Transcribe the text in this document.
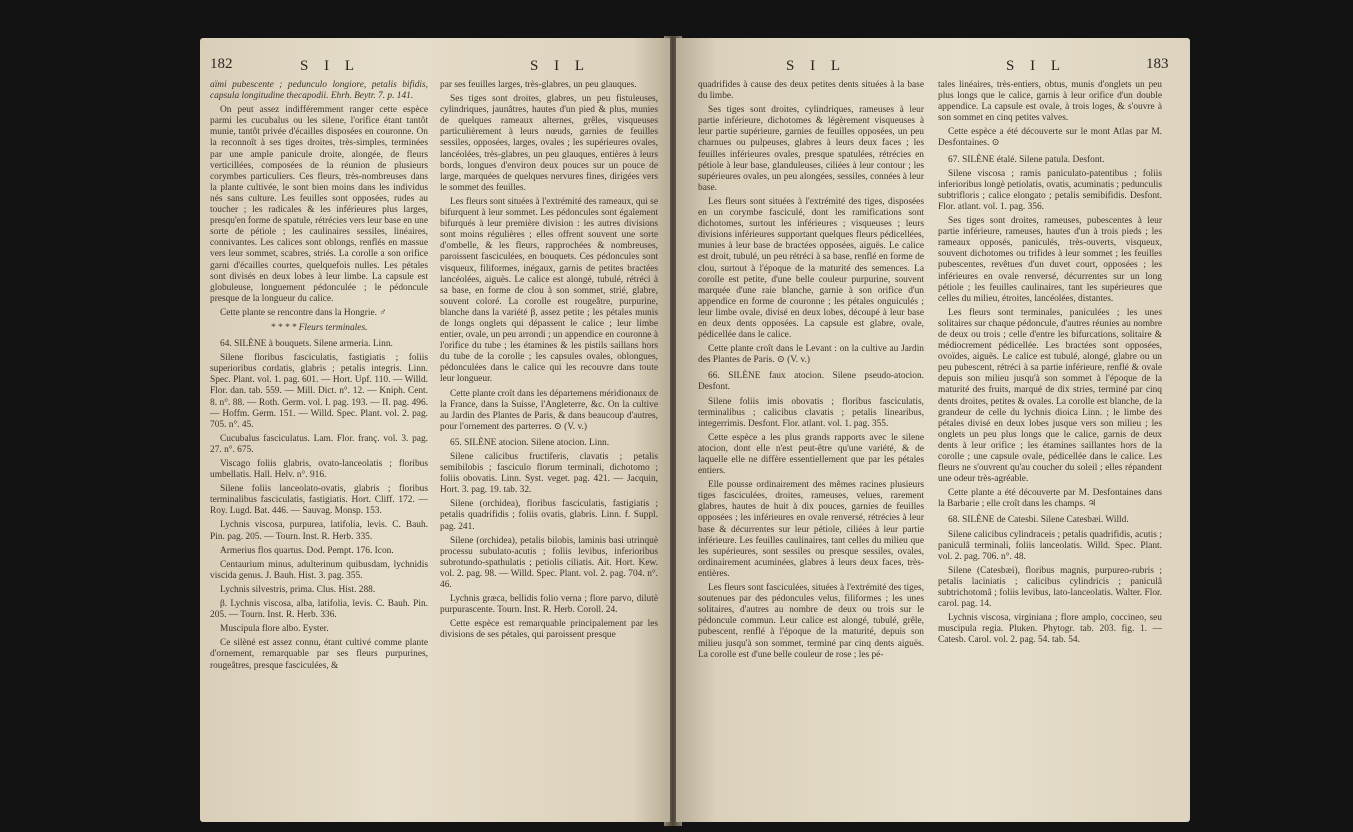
182	S I L	S I L

aïmi pubescente ; pedunculo longiore, petalis bifidis, capsula longitudine thecapodii. Ehrh. Beytr. 7. p. 141.

On peut assez indifféremment ranger cette espèce parmi les cucubalus ou les silene, l'orifice étant tantôt munie, tantôt privée d'écailles disposées en couronne. On la reconnoît à ses tiges droites, très-simples, terminées par une ample panicule droite, alongée, de fleurs verticillées, composées de la réunion de plusieurs corymbes particuliers. Ces fleurs, très-nombreuses dans la plante cultivée, le sont bien moins dans les individus nés sans culture. Les feuilles sont opposées, rudes au toucher ; les radicales & les inférieures plus larges, presqu'en forme de spatule, rétrécies vers leur base en une sorte de pétiole ; les caulinaires sessiles, linéaires, connivantes. Les calices sont oblongs, renflés en massue vers leur sommet, scabres, striés. La corolle a son orifice garni d'écailles courtes, quelquefois nulles. Les pétales sont divisés en deux lobes à leur limbe. La capsule est globuleuse, longuement pédonculée ; le pédoncule presque de la longueur du calice.

Cette plante se rencontre dans la Hongrie. ♂

* * * * Fleurs terminales.

64. SILÈNE à bouquets. Silene armeria. Linn.

Silene floribus fasciculatis, fastigiatis ; foliis superioribus cordatis, glabris ; petalis integris. Linn. Spec. Plant. vol. 1. pag. 601. — Hort. Upf. 110. — Willd. Flor. dan. tab. 559. — Mill. Dict. n°. 12. — Kniph. Cent. 8. n°. 88. — Roth. Germ. vol. I. pag. 193. — II. pag. 496. — Hoffm. Germ. 151. — Willd. Spec. Plant. vol. 2. pag. 705. n°. 45.

Cucubalus fasciculatus. Lam. Flor. franç. vol. 3. pag. 27. n°. 675.

Viscago foliis glabris, ovato-lanceolatis ; floribus umbellatis. Hall. Helv. n°. 916.

Silene foliis lanceolato-ovatis, glabris ; floribus terminalibus fasciculatis, fastigiatis. Hort. Cliff. 172. — Roy. Lugd. Bat. 446. — Sauvag. Monsp. 153.

Lychnis viscosa, purpurea, latifolia, levis. C. Bauh. Pin. pag. 205. — Tourn. Inst. R. Herb. 335.

Armerius flos quartus. Dod. Pempt. 176. Icon.

Centaurium minus, adulterinum quibusdam, lychnidis viscida genus. J. Bauh. Hist. 3. pag. 355.

Lychnis silvestris, prima. Clus. Hist. 288.

β. Lychnis viscosa, alba, latifolia, levis. C. Bauh. Pin. 205. — Tourn. Inst. R. Herb. 336.

Muscipula flore albo. Eyster.

Ce silèné est assez connu, étant cultivé comme plante d'ornement, remarquable par ses fleurs purpurines, rougeâtres, presque fasciculées, &

par ses feuilles larges, très-glabres, un peu glauques.

Ses tiges sont droites, glabres, un peu fistuleuses, cylindriques, jaunâtres, hautes d'un pied & plus, munies de quelques rameaux alternes, grêles, visqueuses particulièrement à leurs nœuds, garnies de feuilles sessiles, opposées, larges, ovales ; les supérieures ovales, lancéolées, très-glabres, un peu glauques, entières à leurs bords, longues d'environ deux pouces sur un pouce de large, marquées de quelques nervures fines, dirigées vers le sommet des feuilles.

Les fleurs sont situées à l'extrémité des rameaux, qui se bifurquent à leur sommet. Les pédoncules sont également bifurqués à leur première division : les autres divisions sont moins régulières ; elles offrent souvent une sorte d'ombelle, & les fleurs, rapprochées & nombreuses, paroissent fasciculées, en bouquets. Ces pédoncules sont visqueux, filiformes, inégaux, garnis de petites bractées lancéolées, aiguës. Le calice est alongé, tubulé, rétréci à sa base, en forme de clou à son sommet, strié, glabre, souvent coloré. La corolle est rougeâtre, purpurine, blanche dans la variété β, assez petite ; les pétales munis de longs onglets qui dépassent le calice ; leur limbe entier, ovale, un peu arrondi ; un appendice en couronne à l'orifice du tube ; les étamines & les pistils saillans hors du tube de la corolle ; les capsules ovales, oblongues, pédonculées dans le calice qui les recouvre dans toute leur longueur.

Cette plante croît dans les départemens méridionaux de la France, dans la Suisse, l'Angleterre, &c. On la cultive au Jardin des Plantes de Paris, & dans beaucoup d'autres, pour l'ornement des parterres. ⊙ (V. v.)

65. SILÈNE atocion. Silene atocion. Linn.

Silene calicibus fructiferis, clavatis ; petalis semibilobis ; fasciculo florum terminali, dichotomo ; foliis obovatis. Linn. Syst. veget. pag. 421. — Jacquin, Hort. 3. pag. 19. tab. 32.

Silene (orchidea), floribus fasciculatis, fastigiatis ; petalis quadrifidis ; foliis ovatis, glabris. Linn. f. Suppl. pag. 241.

Silene (orchidea), petalis bilobis, laminis basi utrinquè processu subulato-acutis ; foliis levibus, inferioribus subrotundo-spathulatis ; petiolis ciliatis. Ait. Hort. Kew. vol. 2. pag. 98. — Willd. Spec. Plant. vol. 2. pag. 704. n°. 46.

Lychnis græca, bellidis folio verna ; flore parvo, dilutè purpurascente. Tourn. Inst. R. Herb. Coroll. 24.

Cette espèce est remarquable principalement par les divisions de ses pétales, qui paroissent presque

S I L	S I L	183

quadrifides à cause des deux petites dents situées à la base du limbe.

Ses tiges sont droites, cylindriques, rameuses à leur partie inférieure, dichotomes & légèrement visqueuses à leur partie supérieure, garnies de feuilles opposées, un peu charnues ou pulpeuses, glabres à leurs deux faces ; les feuilles inférieures ovales, presque spatulées, rétrécies en pétiole à leur base, glanduleuses, ciliées à leur contour ; les supérieures ovales, un peu alongées, sessiles, connées à leur base.

Les fleurs sont situées à l'extrémité des tiges, disposées en un corymbe fasciculé, dont les ramifications sont dichotomes, surtout les inférieures ; visqueuses ; leurs divisions inférieures supportant quelques fleurs pédicellées, munies à leur base de bractées opposées, aiguës. Le calice est droit, tubulé, un peu rétréci à sa base, renflé en forme de clou, surtout à l'époque de la maturité des semences. La corolle est petite, d'une belle couleur purpurine, souvent marquée d'une raie blanche, garnie à son orifice d'un appendice en forme de couronne ; les pétales onguiculés ; leur limbe ovale, divisé en deux lobes, découpé à leur base en deux dents opposées. La capsule est glabre, ovale, pédicellée dans le calice.

Cette plante croît dans le Levant : on la cultive au Jardin des Plantes de Paris. ⊙ (V. v.)

66. SILÈNE faux atocion. Silene pseudo-atocion. Desfont.

Silene foliis imis obovatis ; floribus fasciculatis, terminalibus ; calicibus clavatis ; petalis linearibus, integerrimis. Desfont. Flor. atlant. vol. 1. pag. 355.

Cette espèce a les plus grands rapports avec le silene atocion, dont elle n'est peut-être qu'une variété, & de laquelle elle ne diffère essentiellement que par les pétales entiers.

Elle pousse ordinairement des mêmes racines plusieurs tiges fasciculées, droites, rameuses, velues, rarement glabres, hautes de huit à dix pouces, garnies de feuilles opposées ; les inférieures en ovale renversé, rétrécies à leur base & décurrentes sur leur pétiole, ciliées à leur partie inférieure. Les feuilles caulinaires, tant celles du milieu que les supérieures, sont sessiles ou presque sessiles, ovales, ordinairement acuminées, glabres à leurs deux faces, très-entières.

Les fleurs sont fasciculées, situées à l'extrémité des tiges, soutenues par des pédoncules velus, filiformes ; les unes solitaires, d'autres au nombre de deux ou trois sur le pédoncule commun. Leur calice est alongé, tubulé, grêle, pubescent, renflé à l'époque de la maturité, depuis son milieu jusqu'à son sommet, terminé par cinq dents aiguës. La corolle est d'une belle couleur de rose ; les pé-

tales linéaires, très-entiers, obtus, munis d'onglets un peu plus longs que le calice, garnis à leur orifice d'un double appendice. La capsule est ovale, à trois loges, & s'ouvre à son sommet en cinq petites valves.

Cette espèce a été découverte sur le mont Atlas par M. Desfontaines. ⊙

67. SILÈNE étalé. Silene patula. Desfont.

Silene viscosa ; ramis paniculato-patentibus ; foliis inferioribus longè petiolatis, ovatis, acuminatis ; pedunculis subtrifloris ; calice elongato ; petalis semibifidis. Desfont. Flor. atlant. vol. 1. pag. 356.

Ses tiges sont droites, rameuses, pubescentes à leur partie inférieure, rameuses, hautes d'un à trois pieds ; les rameaux opposés, paniculés, très-ouverts, visqueux, souvent dichotomes ou trifides à leur sommet ; les feuilles pubescentes, revêtues d'un duvet court, opposées ; les inférieures en ovale renversé, décurrentes sur un long pétiole ; les feuilles caulinaires, tant les supérieures que celles du milieu, étroites, lancéolées, distantes.

Les fleurs sont terminales, paniculées ; les unes solitaires sur chaque pédoncule, d'autres réunies au nombre de deux ou trois ; celle d'entre les bifurcations, solitaire & médiocrement pédicellée. Les bractées sont opposées, ovoïdes, aiguës. Le calice est tubulé, alongé, glabre ou un peu pubescent, rétréci à sa partie inférieure, renflé & ovale depuis son milieu jusqu'à son sommet à l'époque de la maturité des fruits, marqué de dix stries, terminé par cinq dents droites, petites & ovales. La corolle est blanche, de la grandeur de celle du lychnis dioica Linn. ; le limbe des pétales divisé en deux lobes jusque vers son milieu ; les onglets un peu plus longs que le calice, garnis de deux dents à leur orifice ; les étamines saillantes hors de la corolle ; une capsule ovale, pédicellée dans le calice. Les fleurs ne s'ouvrent qu'au coucher du soleil ; elles répandent une odeur très-agréable.

Cette plante a été découverte par M. Desfontaines dans la Barbarie ; elle croît dans les champs. ♃

68. SILÈNE de Catesbi. Silene Catesbæi. Willd.

Silene calicibus cylindraceis ; petalis quadrifidis, acutis ; paniculâ terminali, foliis lanceolatis. Willd. Spec. Plant. vol. 2. pag. 706. n°. 48.

Silene (Catesbæi), floribus magnis, purpureo-rubris ; petalis laciniatis ; calicibus cylindricis ; paniculâ subtrichotomâ ; foliis levibus, lato-lanceolatis. Walter. Flor. carol. pag. 14.

Lychnis viscosa, virginiana ; flore amplo, coccineo, seu muscipula regia. Pluken. Phytogr. tab. 203. fig. 1. — Catesb. Carol. vol. 2. pag. 54. tab. 54.
